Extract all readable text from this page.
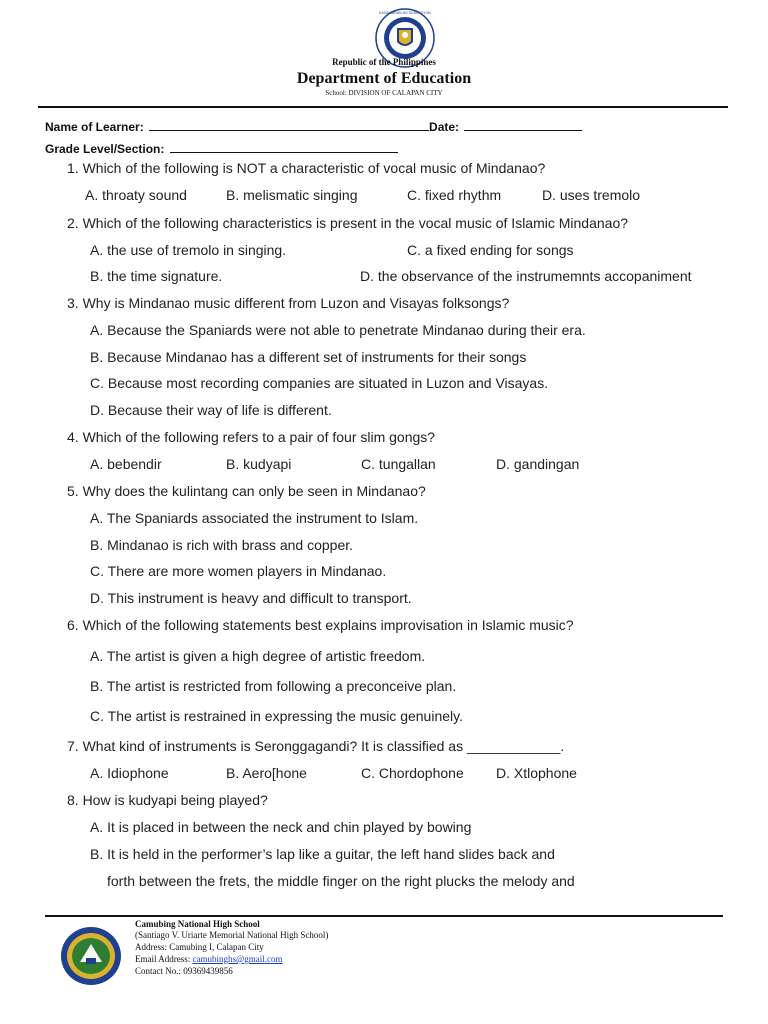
KAGAWARAN NG EDUKASYON
Republic of the Philippines
Department of Education
School: DIVISION OF CALAPAN CITY
Name of Learner:	Date:
Grade Level/Section:
1. Which of the following is NOT a characteristic of vocal music of Mindanao?
A. throaty sound	B. melismatic singing	C. fixed rhythm	D. uses tremolo
2. Which of the following characteristics is present in the vocal music of Islamic Mindanao?
A. the use of tremolo in singing.	C. a fixed ending for songs
B. the time signature.	D. the observance of the instrumemnts accopaniment
3. Why is Mindanao music different from Luzon and Visayas folksongs?
A. Because the Spaniards were not able to penetrate Mindanao during their era.
B. Because Mindanao has a different set of instruments for their songs
C. Because most recording companies are situated in Luzon and Visayas.
D. Because their way of life is different.
4. Which of the following refers to a pair of four slim gongs?
A. bebendir	B. kudyapi	C. tungallan	D. gandingan
5. Why does the kulintang can only be seen in Mindanao?
A. The Spaniards associated the instrument to Islam.
B. Mindanao is rich with brass and copper.
C. There are more women players in Mindanao.
D. This instrument is heavy and difficult to transport.
6. Which of the following statements best explains improvisation in Islamic music?
A. The artist is given a high degree of artistic freedom.
B. The artist is restricted from following a preconceive plan.
C. The artist is restrained in expressing the music genuinely.
7. What kind of instruments is Seronggagandi? It is classified as ____________.
A. Idiophone	B. Aero[hone	C. Chordophone D. Xtlophone
8. How is kudyapi being played?
A. It is placed in between the neck and chin played by bowing
B. It is held in the performer’s lap like a guitar, the left hand slides back and
forth between the frets, the middle finger on the right plucks the melody and
Camubing National High School
(Santiago V. Uriarte Memorial National High School)
Address: Camubing I, Calapan City
Email Address: camubinghs@gmail.com
Contact No.: 09369439856
